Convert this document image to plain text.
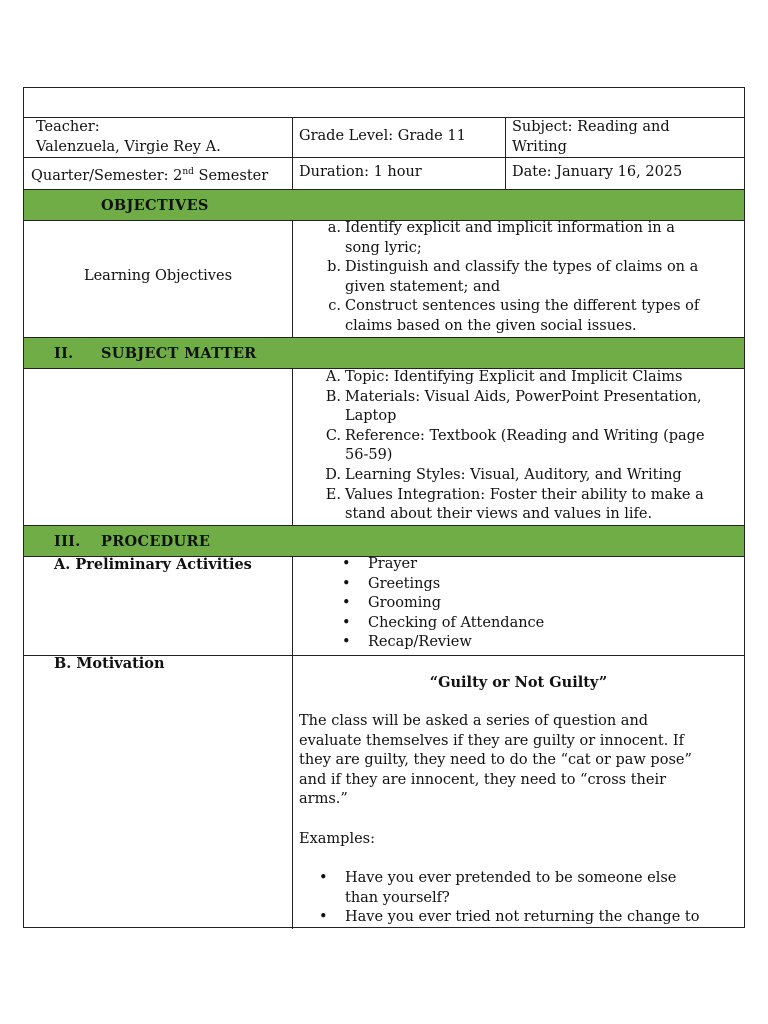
Teacher:
Valenzuela, Virgie Rey A.
Grade Level: Grade 11
Subject: Reading and
Writing
Quarter/Semester: 2nd Semester Duration: 1 hour	Date: January 16, 2025
OBJECTIVES
Learning Objectives
a. Identify explicit and implicit information in a
song lyric;
b. Distinguish and classify the types of claims on a
given statement; and
c. Construct sentences using the different types of
claims based on the given social issues.
II. SUBJECT MATTER
A. Topic: Identifying Explicit and Implicit Claims
B. Materials: Visual Aids, PowerPoint Presentation,
Laptop
C. Reference: Textbook (Reading and Writing (page
56-59)
D. Learning Styles: Visual, Auditory, and Writing
E. Values Integration: Foster their ability to make a
stand about their views and values in life.
III. PROCEDURE
A. Preliminary Activities	• Prayer
• Greetings
• Grooming
• Checking of Attendance
• Recap/Review
B. Motivation
“Guilty or Not Guilty”
The class will be asked a series of question and
evaluate themselves if they are guilty or innocent. If
they are guilty, they need to do the “cat or paw pose”
and if they are innocent, they need to “cross their
arms.”
Examples:
• Have you ever pretended to be someone else
than yourself?
• Have you ever tried not returning the change to
